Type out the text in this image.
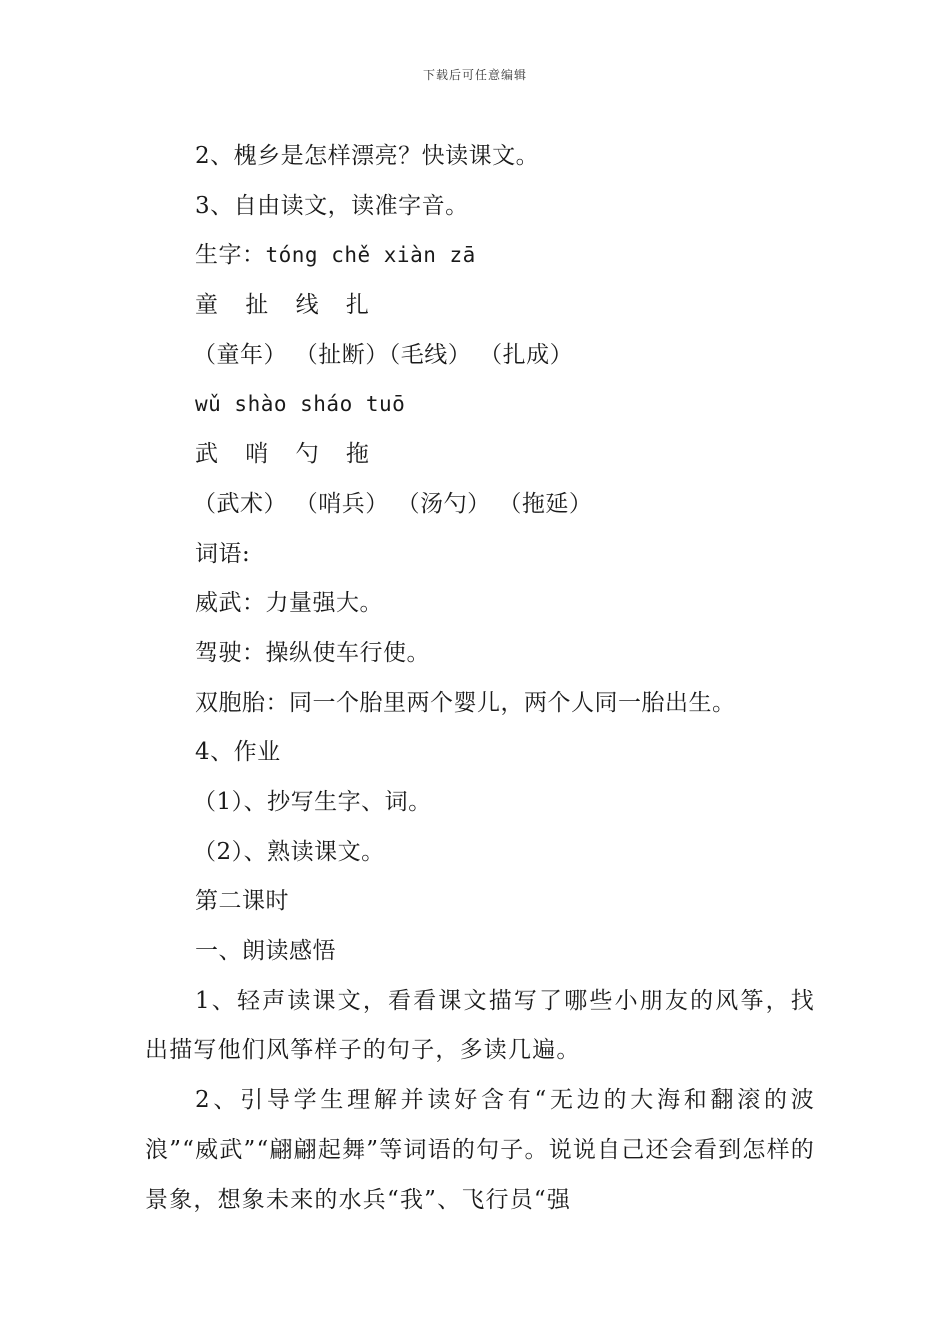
下载后可任意编辑
2、槐乡是怎样漂亮？快读课文。
3、自由读文，读准字音。
生字：tóng chě xiàn zā
童 扯 线 扎
（童年） （扯断）（毛线） （扎成）
wǔ shào sháo tuō
武 哨 勺 拖
（武术） （哨兵） （汤勺） （拖延）
词语:
威武：力量强大。
驾驶：操纵使车行使。
双胞胎：同一个胎里两个婴儿，两个人同一胎出生。
4、作业
（1）、抄写生字、词。
（2）、熟读课文。
第二课时
一、朗读感悟
1、轻声读课文，看看课文描写了哪些小朋友的风筝，找出描写他们风筝样子的句子，多读几遍。
2、引导学生理解并读好含有“无边的大海和翻滚的波浪”“威武”“翩翩起舞”等词语的句子。说说自己还会看到怎样的景象，想象未来的水兵“我”、飞行员“强
